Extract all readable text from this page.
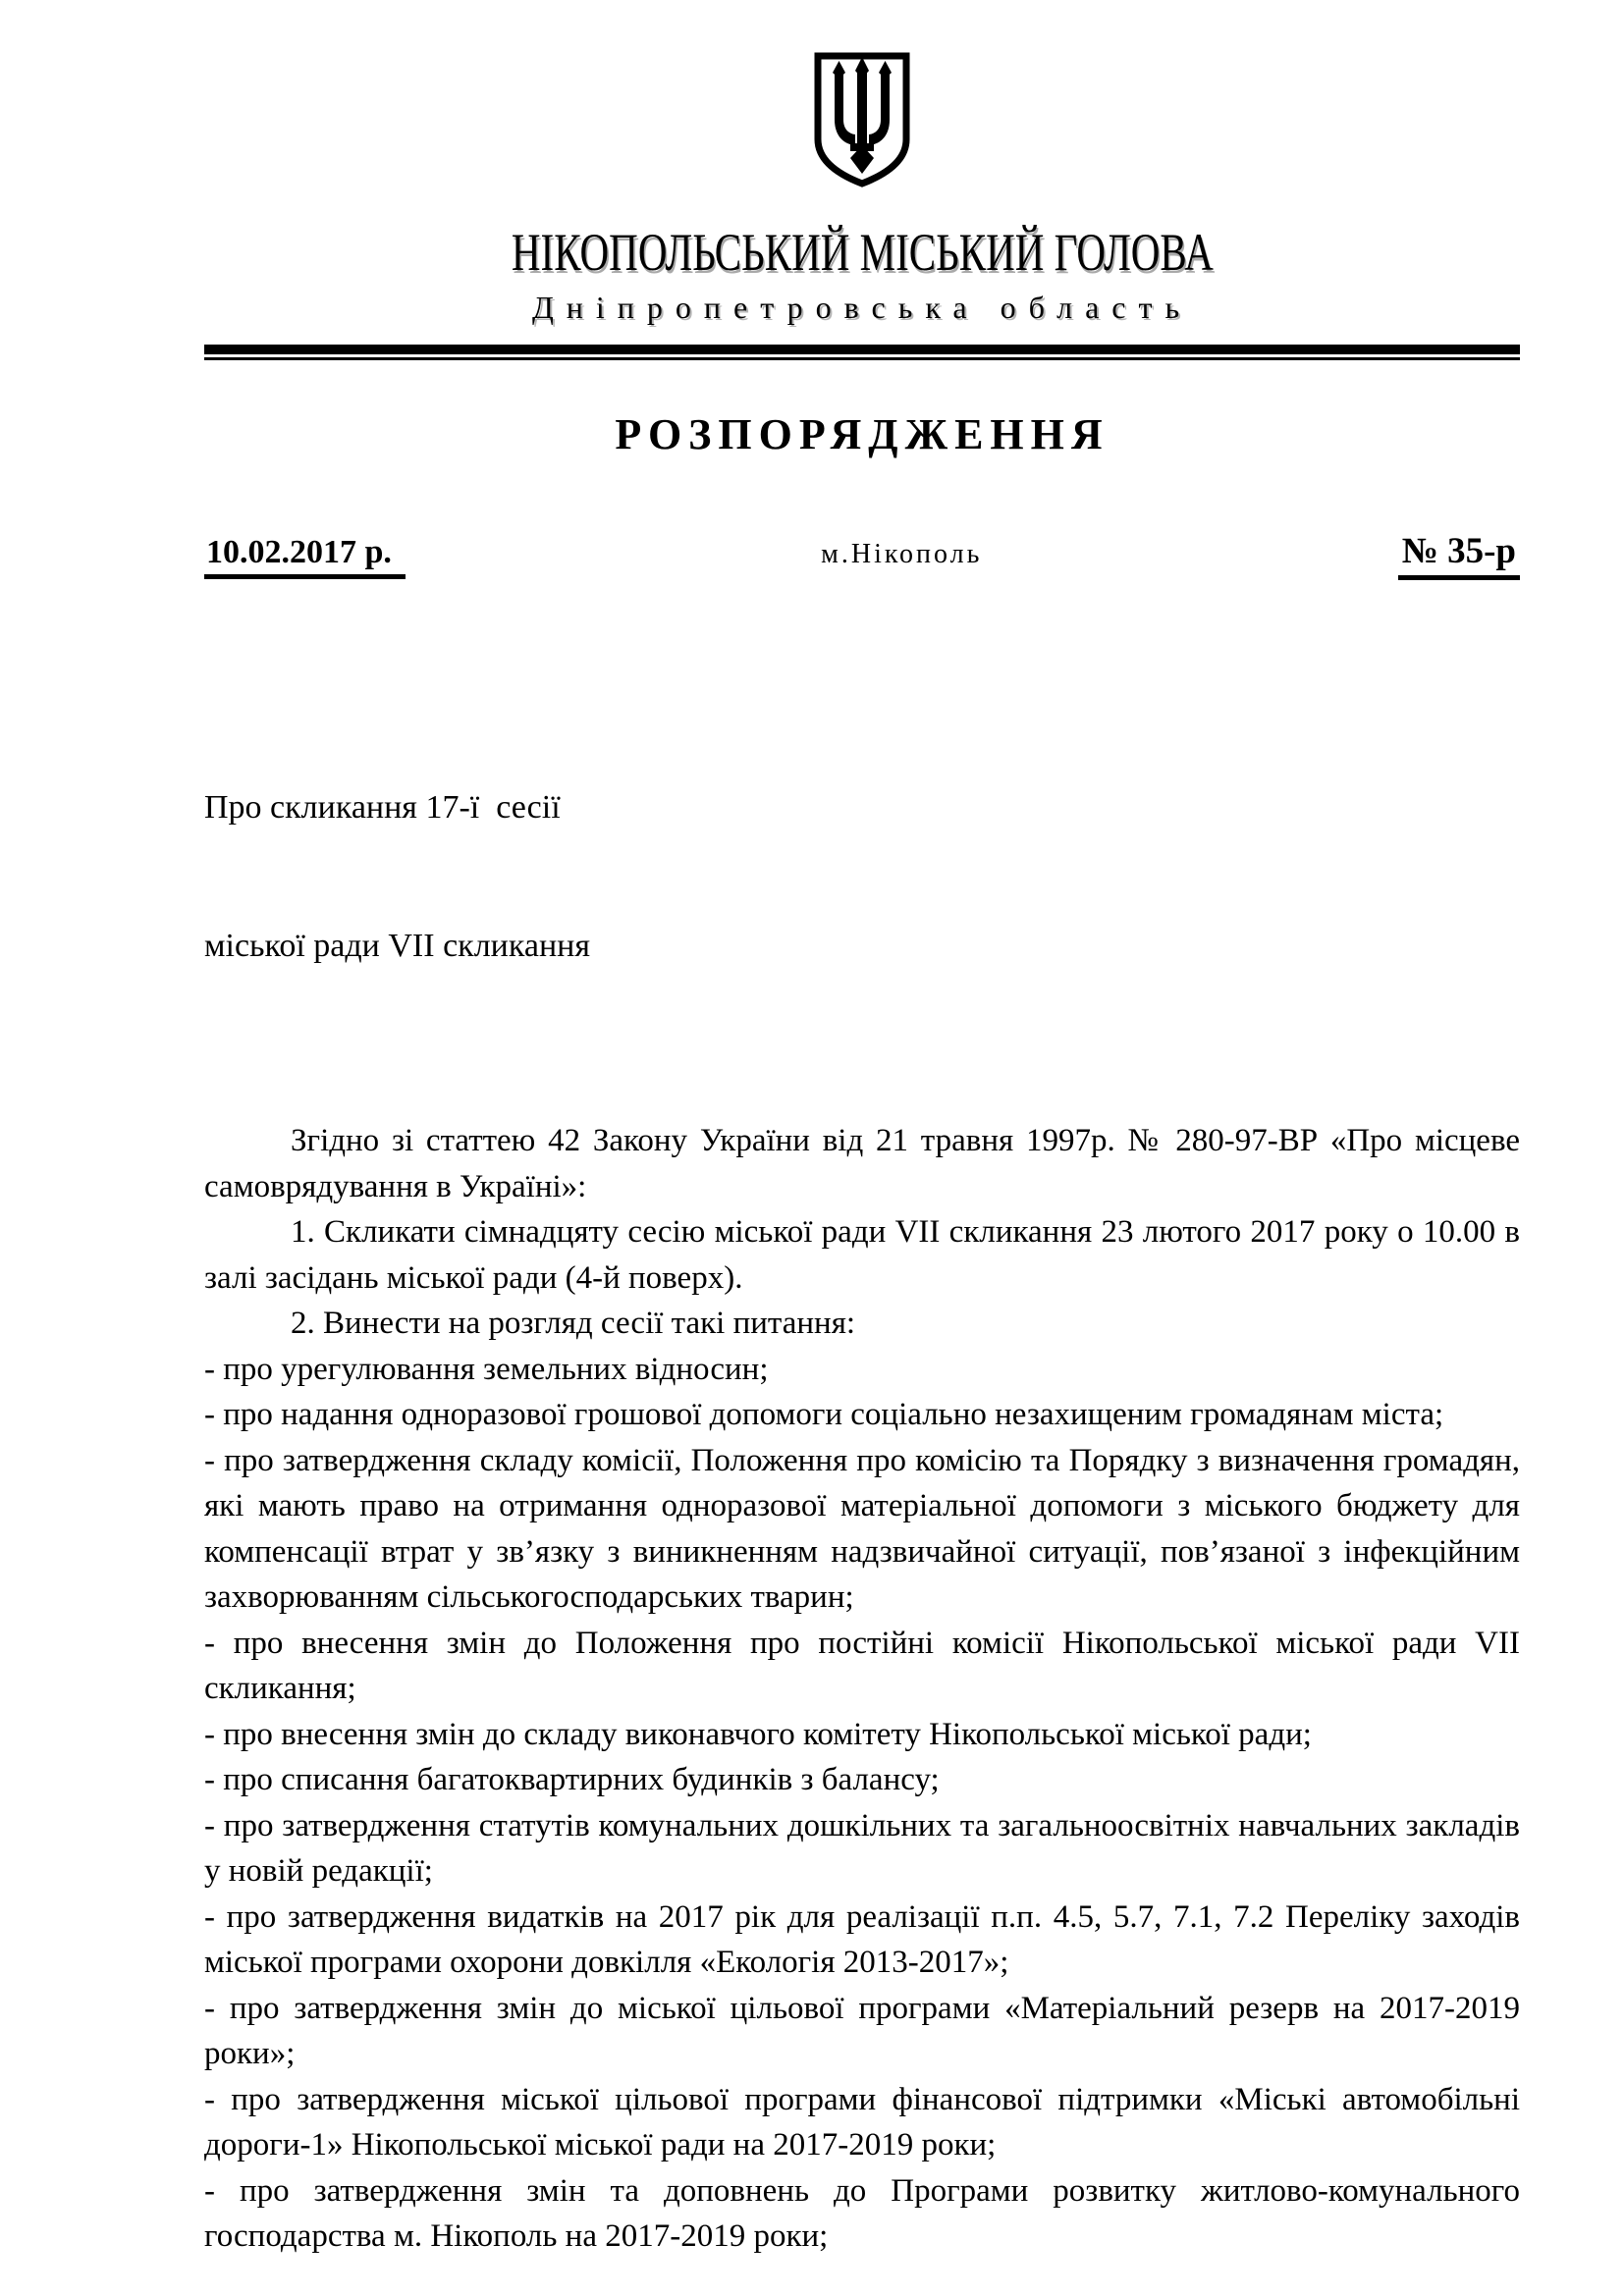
НІКОПОЛЬСЬКИЙ МІСЬКИЙ ГОЛОВА
Дніпропетровська область
РОЗПОРЯДЖЕННЯ
10.02.2017 р.	м.Нікополь	№ 35-р

Про скликання 17-ї  сесії

міської ради VII скликання

Згідно зі статтею 42 Закону України від 21 травня 1997р. № 280-97-ВР «Про місцеве самоврядування в Україні»:

1. Скликати сімнадцяту сесію міської ради VII скликання 23 лютого 2017 року о 10.00 в залі засідань міської ради (4-й поверх).

2. Винести на розгляд сесії такі питання:

- про урегулювання земельних відносин;

- про надання одноразової грошової допомоги соціально незахищеним громадянам міста;

- про затвердження складу комісії, Положення про комісію та Порядку з визначення громадян, які мають право на отримання одноразової матеріальної допомоги з міського бюджету для компенсації втрат у зв’язку з виникненням надзвичайної ситуації, пов’язаної з інфекційним захворюванням сільськогосподарських тварин;

- про внесення змін до Положення про постійні комісії Нікопольської міської ради VII скликання;

- про внесення змін до складу виконавчого комітету Нікопольської міської ради;

- про списання багатоквартирних будинків з балансу;

- про затвердження статутів комунальних дошкільних та загальноосвітніх навчальних закладів у новій редакції;

- про затвердження видатків на 2017 рік для реалізації п.п. 4.5, 5.7, 7.1, 7.2 Переліку заходів міської програми охорони довкілля «Екологія 2013-2017»;

- про затвердження змін до міської цільової програми «Матеріальний резерв на 2017-2019 роки»;

- про затвердження міської цільової програми фінансової підтримки «Міські автомобільні дороги-1» Нікопольської міської ради на 2017-2019 роки;

- про затвердження змін та доповнень до Програми розвитку житлово-комунального господарства м. Нікополь на 2017-2019 роки;
